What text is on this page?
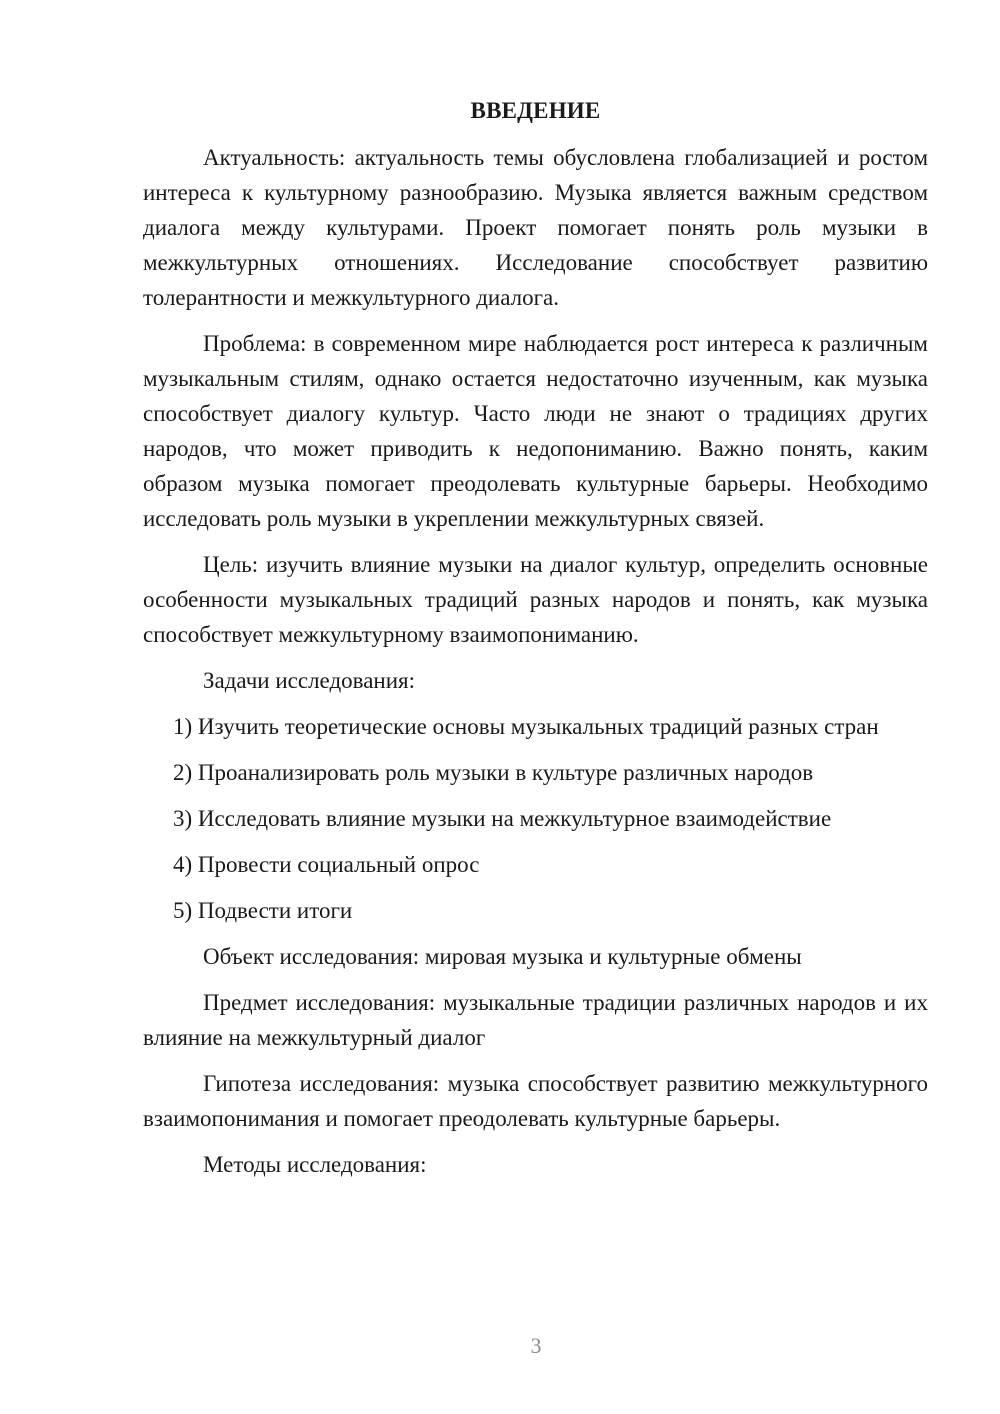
ВВЕДЕНИЕ

Актуальность: актуальность темы обусловлена глобализацией и ростом интереса к культурному разнообразию. Музыка является важным средством диалога между культурами. Проект помогает понять роль музыки в межкультурных отношениях. Исследование способствует развитию толерантности и межкультурного диалога.

Проблема: в современном мире наблюдается рост интереса к различным музыкальным стилям, однако остается недостаточно изученным, как музыка способствует диалогу культур. Часто люди не знают о традициях других народов, что может приводить к недопониманию. Важно понять, каким образом музыка помогает преодолевать культурные барьеры. Необходимо исследовать роль музыки в укреплении межкультурных связей.

Цель: изучить влияние музыки на диалог культур, определить основные особенности музыкальных традиций разных народов и понять, как музыка способствует межкультурному взаимопониманию.

Задачи исследования:

1) Изучить теоретические основы музыкальных традиций разных стран

2) Проанализировать роль музыки в культуре различных народов

3) Исследовать влияние музыки на межкультурное взаимодействие

4) Провести социальный опрос

5) Подвести итоги

Объект исследования: мировая музыка и культурные обмены

Предмет исследования: музыкальные традиции различных народов и их влияние на межкультурный диалог

Гипотеза исследования: музыка способствует развитию межкультурного взаимопонимания и помогает преодолевать культурные барьеры.

Методы исследования:

3
